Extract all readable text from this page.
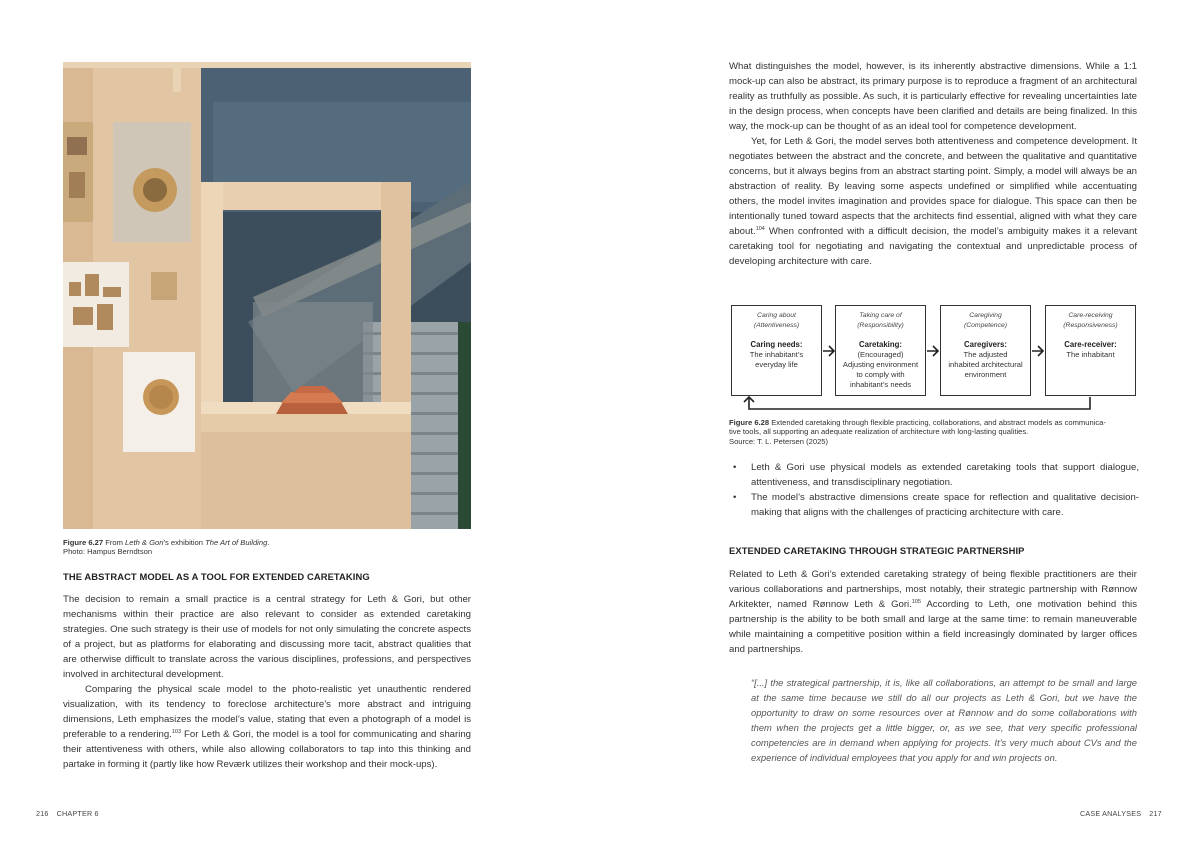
Figure 6.27 From Leth & Gori’s exhibition The Art of Building.
Photo: Hampus Berndtson
THE ABSTRACT MODEL AS A TOOL FOR EXTENDED CARETAKING

The decision to remain a small practice is a central strategy for Leth & Gori, but other mechanisms within their practice are also relevant to consider as extended caretaking strategies. One such strategy is their use of models for not only simulating the concrete aspects of a project, but as platforms for elaborating and discussing more tacit, abstract qualities that are otherwise difficult to translate across the various disciplines, professions, and perspectives involved in architectural development.

Comparing the physical scale model to the photo-realistic yet unauthentic rendered visualization, with its tendency to foreclose architecture’s more abstract and intriguing dimensions, Leth emphasizes the model’s value, stating that even a photograph of a model is preferable to a rendering.$^{103}$ For Leth & Gori, the model is a tool for communicating and sharing their attentiveness with others, while also allowing collaborators to tap into this thinking and partake in forming it (partly like how Reværk utilizes their workshop and their mock-ups).

216 CHAPTER 6

What distinguishes the model, however, is its inherently abstractive dimensions. While a 1:1 mock-up can also be abstract, its primary purpose is to reproduce a fragment of an architectural reality as truthfully as possible. As such, it is particularly effective for revealing uncertainties late in the design process, when concepts have been clarified and details are being finalized. In this way, the mock-up can be thought of as an ideal tool for competence development.

Yet, for Leth & Gori, the model serves both attentiveness and competence development. It negotiates between the abstract and the concrete, and between the qualitative and quantitative concerns, but it always begins from an abstract starting point. Simply, a model will always be an abstraction of reality. By leaving some aspects undefined or simplified while accentuating others, the model invites imagination and provides space for dialogue. This space can then be intentionally tuned toward aspects that the architects find essential, aligned with what they care about.$^{104}$ When confronted with a difficult decision, the model’s ambiguity makes it a relevant caretaking tool for negotiating and navigating the contextual and unpredictable process of developing architecture with care.

Figure 6.28 Extended caretaking through flexible practicing, collaborations, and abstract models as communica-
tive tools, all supporting an adequate realization of architecture with long-lasting qualities.
Source: T. L. Petersen (2025)
• Leth & Gori use physical models as extended caretaking tools that support dialogue, attentiveness, and transdisciplinary negotiation.
• The model’s abstractive dimensions create space for reflection and qualitative decision-making that aligns with the challenges of practicing architecture with care.
EXTENDED CARETAKING THROUGH STRATEGIC PARTNERSHIP

Related to Leth & Gori’s extended caretaking strategy of being flexible practitioners are their various collaborations and partnerships, most notably, their strategic partnership with Rønnow Arkitekter, named Rønnow Leth & Gori.$^{105}$ According to Leth, one motivation behind this partnership is the ability to be both small and large at the same time: to remain maneuverable while maintaining a competitive position within a field increasingly dominated by larger offices and partnerships.

“[...] the strategical partnership, it is, like all collaborations, an attempt to be small and large at the same time because we still do all our projects as Leth & Gori, but we have the opportunity to draw on some resources over at Rønnow and do some collaborations with them when the projects get a little bigger, or, as we see, that very specific professional competencies are in demand when applying for projects. It’s very much about CVs and the experience of individual employees that you apply for and win projects on.
CASE ANALYSES 217
Caring about
(Attentiveness)
Caring needs:
The inhabitant’s
everyday life
Taking care of
(Responsibility)
Caretaking:
(Encouraged)
Adjusting environment
to comply with
inhabitant’s needs
Caregiving
(Competence)
Caregivers:
The adjusted
inhabited architectural
environment
Care-receiving
(Responsiveness)
Care-receiver:
The inhabitant
